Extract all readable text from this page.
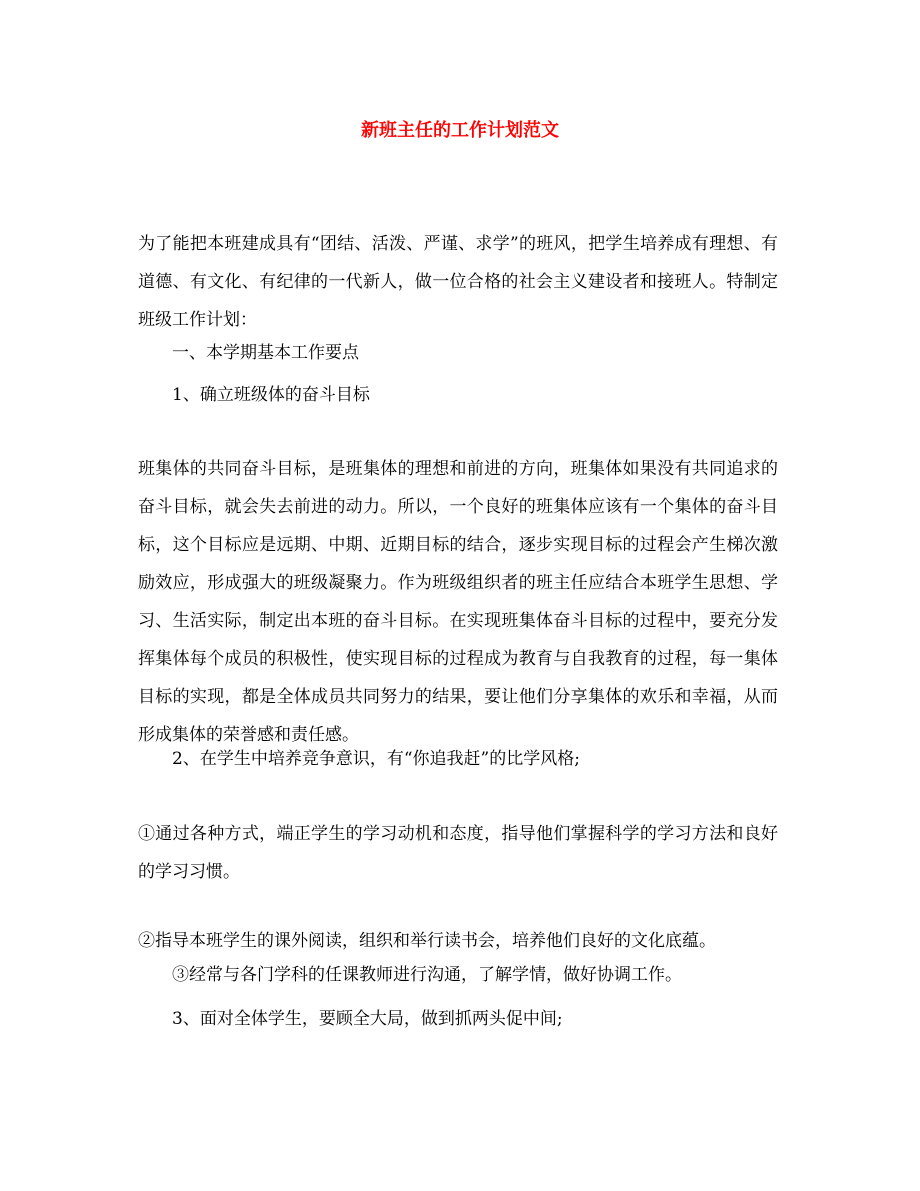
新班主任的工作计划范文

为了能把本班建成具有“团结、活泼、严谨、求学”的班风，把学生培养成有理想、有道德、有文化、有纪律的一代新人，做一位合格的社会主义建设者和接班人。特制定班级工作计划：

一、本学期基本工作要点

1、确立班级体的奋斗目标

班集体的共同奋斗目标，是班集体的理想和前进的方向，班集体如果没有共同追求的奋斗目标，就会失去前进的动力。所以，一个良好的班集体应该有一个集体的奋斗目标，这个目标应是远期、中期、近期目标的结合，逐步实现目标的过程会产生梯次激励效应，形成强大的班级凝聚力。作为班级组织者的班主任应结合本班学生思想、学习、生活实际，制定出本班的奋斗目标。在实现班集体奋斗目标的过程中，要充分发挥集体每个成员的积极性，使实现目标的过程成为教育与自我教育的过程，每一集体目标的实现，都是全体成员共同努力的结果，要让他们分享集体的欢乐和幸福，从而形成集体的荣誉感和责任感。

2、在学生中培养竞争意识，有“你追我赶”的比学风格;

①通过各种方式，端正学生的学习动机和态度，指导他们掌握科学的学习方法和良好的学习习惯。

②指导本班学生的课外阅读，组织和举行读书会，培养他们良好的文化底蕴。

③经常与各门学科的任课教师进行沟通，了解学情，做好协调工作。

3、面对全体学生，要顾全大局，做到抓两头促中间;
